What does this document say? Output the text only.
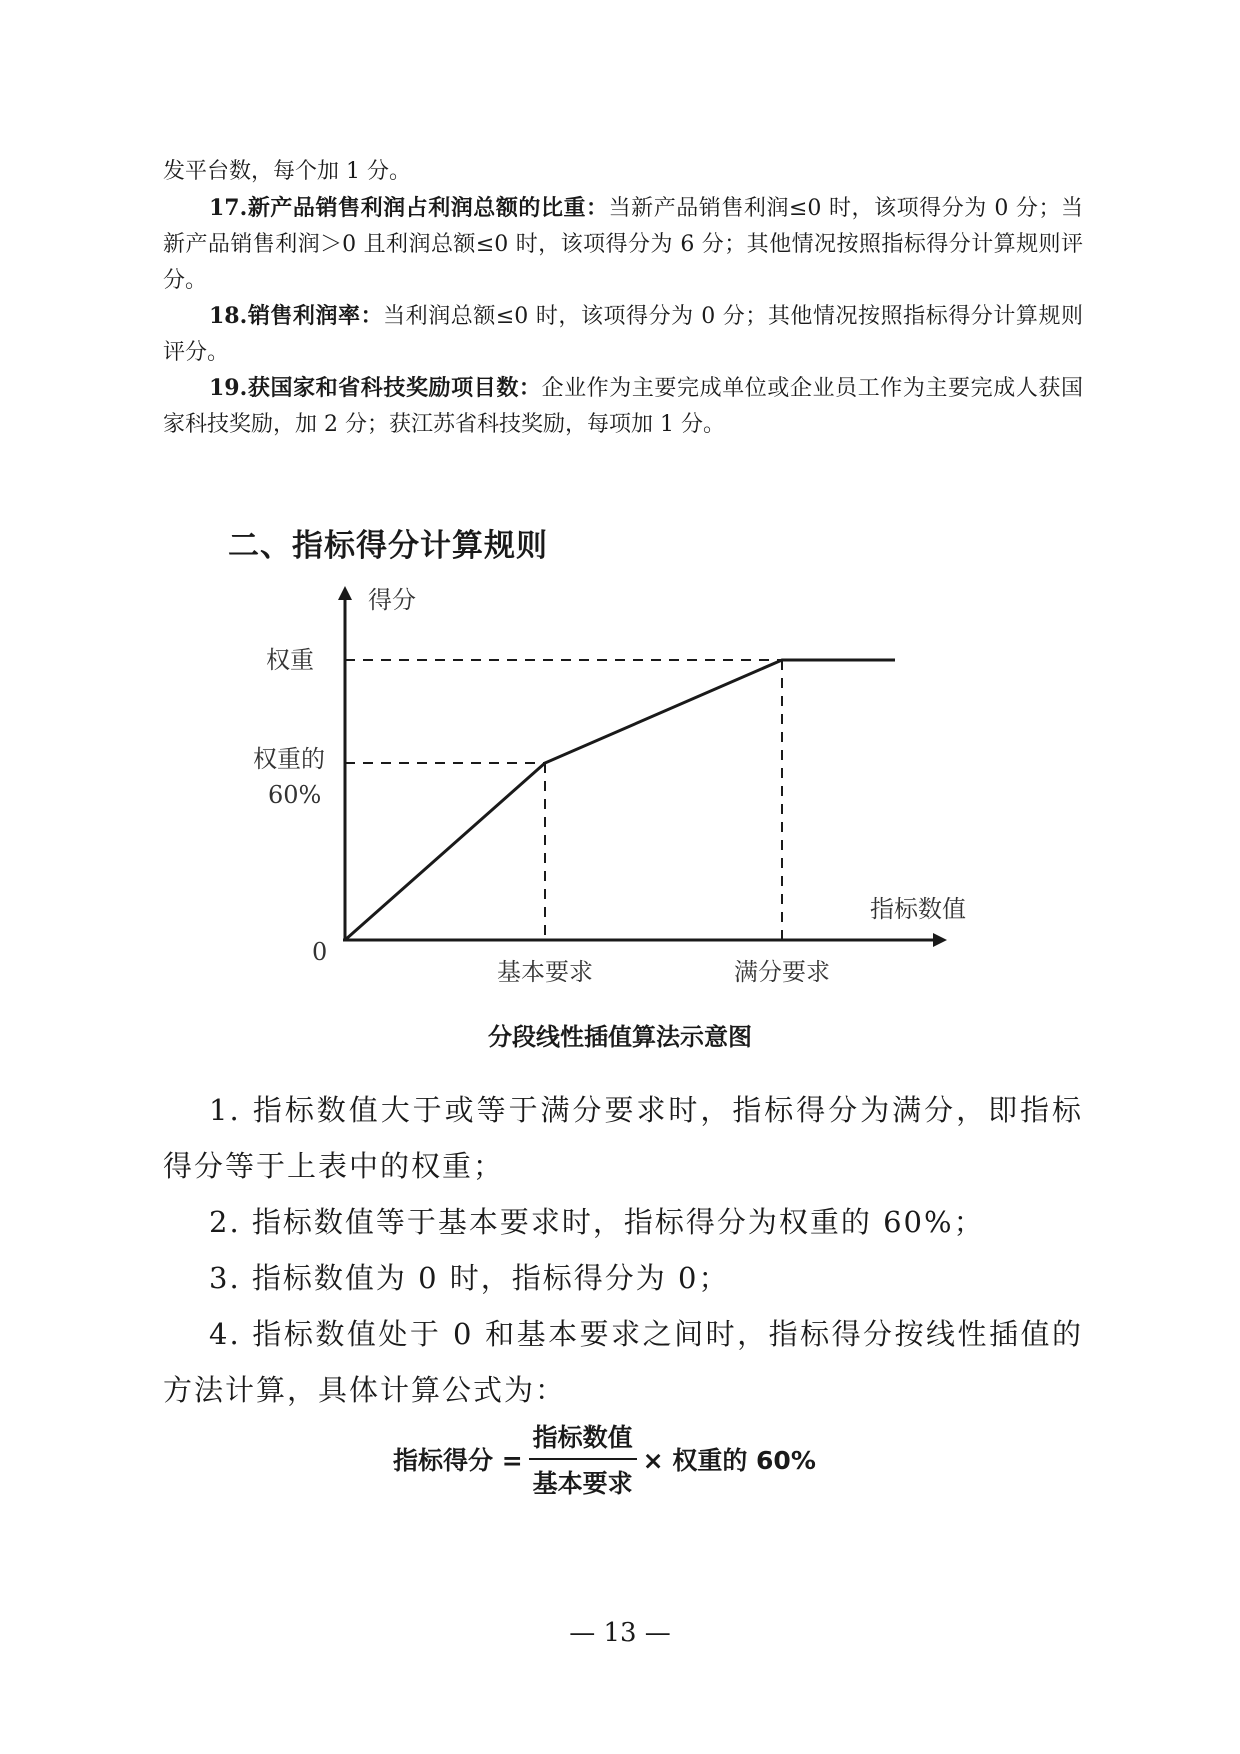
发平台数，每个加 1 分。

17.新产品销售利润占利润总额的比重：当新产品销售利润≤0 时，该项得分为 0 分；当新产品销售利润＞0 且利润总额≤0 时，该项得分为 6 分；其他情况按照指标得分计算规则评分。

18.销售利润率：当利润总额≤0 时，该项得分为 0 分；其他情况按照指标得分计算规则评分。

19.获国家和省科技奖励项目数：企业作为主要完成单位或企业员工作为主要完成人获国家科技奖励，加 2 分；获江苏省科技奖励，每项加 1 分。

二、指标得分计算规则
得分
权重
权重的
60%
0
指标数值
基本要求	满分要求

分段线性插值算法示意图

1. 指标数值大于或等于满分要求时，指标得分为满分，即指标得分等于上表中的权重；

2. 指标数值等于基本要求时，指标得分为权重的 60%；

3. 指标数值为 0 时，指标得分为 0；

4. 指标数值处于 0 和基本要求之间时，指标得分按线性插值的方法计算，具体计算公式为：

指标得分 = $\frac{\text{指标数值}}{\text{基本要求}}$ × 权重的 60%

— 13 —
